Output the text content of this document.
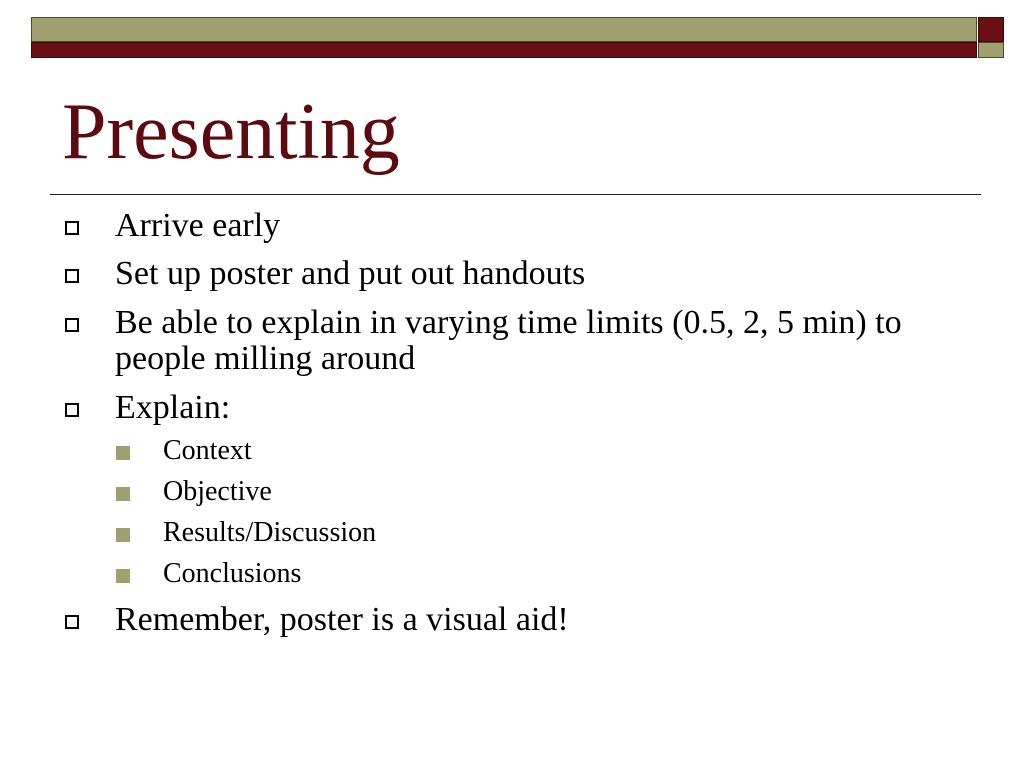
Presenting
Arrive early
Set up poster and put out handouts
Be able to explain in varying time limits (0.5, 2, 5 min) to people milling around
Explain:
Context
Objective
Results/Discussion
Conclusions
Remember, poster is a visual aid!
